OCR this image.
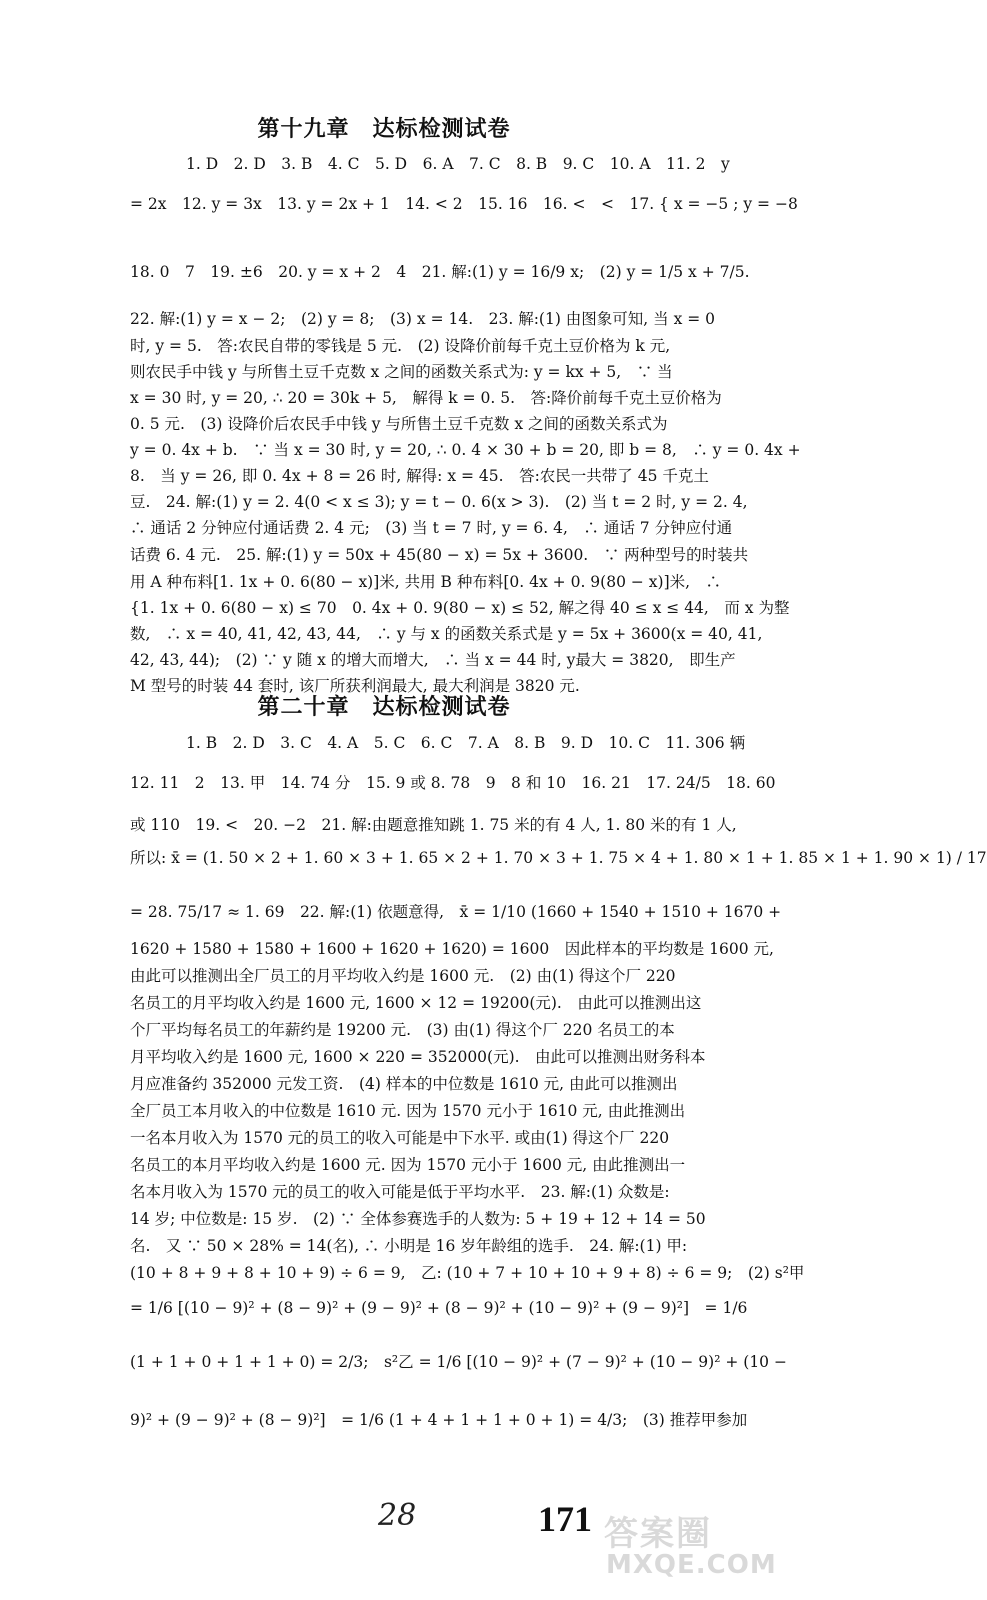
第十九章　达标检测试卷
1. D　2. D　3. B　4. C　5. D　6. A　7. C　8. B　9. C　10. A　11. 2　y
= 2x　12. y = 3x　13. y = 2x + 1　14. < 2　15. 16　16. <　<　17. { x = −5 ; y = −8
18. 0　7　19. ±6　20. y = x + 2　4　21. 解:(1) y = 16/9 x;　(2) y = 1/5 x + 7/5.
22. 解:(1) y = x − 2;　(2) y = 8;　(3) x = 14.　23. 解:(1) 由图象可知, 当 x = 0
时, y = 5.　答:农民自带的零钱是 5 元.　(2) 设降价前每千克土豆价格为 k 元,
则农民手中钱 y 与所售土豆千克数 x 之间的函数关系式为: y = kx + 5,　∵ 当
x = 30 时, y = 20, ∴ 20 = 30k + 5,　解得 k = 0. 5.　答:降价前每千克土豆价格为
0. 5 元.　(3) 设降价后农民手中钱 y 与所售土豆千克数 x 之间的函数关系式为
y = 0. 4x + b.　∵ 当 x = 30 时, y = 20, ∴ 0. 4 × 30 + b = 20, 即 b = 8,　∴ y = 0. 4x +
8.　当 y = 26, 即 0. 4x + 8 = 26 时, 解得: x = 45.　答:农民一共带了 45 千克土
豆.　24. 解:(1) y = 2. 4(0 < x ≤ 3); y = t − 0. 6(x > 3).　(2) 当 t = 2 时, y = 2. 4,
∴ 通话 2 分钟应付通话费 2. 4 元;　(3) 当 t = 7 时, y = 6. 4,　∴ 通话 7 分钟应付通
话费 6. 4 元.　25. 解:(1) y = 50x + 45(80 − x) = 5x + 3600.　∵ 两种型号的时装共
用 A 种布料[1. 1x + 0. 6(80 − x)]米, 共用 B 种布料[0. 4x + 0. 9(80 − x)]米,　∴
{1. 1x + 0. 6(80 − x) ≤ 70　0. 4x + 0. 9(80 − x) ≤ 52, 解之得 40 ≤ x ≤ 44,　而 x 为整
数,　∴ x = 40, 41, 42, 43, 44,　∴ y 与 x 的函数关系式是 y = 5x + 3600(x = 40, 41,
42, 43, 44);　(2) ∵ y 随 x 的增大而增大,　∴ 当 x = 44 时, y最大 = 3820,　即生产
M 型号的时装 44 套时, 该厂所获利润最大, 最大利润是 3820 元.
第二十章　达标检测试卷
1. B　2. D　3. C　4. A　5. C　6. C　7. A　8. B　9. D　10. C　11. 306 辆
12. 11　2　13. 甲　14. 74 分　15. 9 或 8. 78　9　8 和 10　16. 21　17. 24/5　18. 60
或 110　19. <　20. −2　21. 解:由题意推知跳 1. 75 米的有 4 人, 1. 80 米的有 1 人,
所以: x̄ = (1. 50 × 2 + 1. 60 × 3 + 1. 65 × 2 + 1. 70 × 3 + 1. 75 × 4 + 1. 80 × 1 + 1. 85 × 1 + 1. 90 × 1) / 17
= 28. 75/17 ≈ 1. 69　22. 解:(1) 依题意得,　x̄ = 1/10 (1660 + 1540 + 1510 + 1670 +
1620 + 1580 + 1580 + 1600 + 1620 + 1620) = 1600　因此样本的平均数是 1600 元,
由此可以推测出全厂员工的月平均收入约是 1600 元.　(2) 由(1) 得这个厂 220
名员工的月平均收入约是 1600 元, 1600 × 12 = 19200(元).　由此可以推测出这
个厂平均每名员工的年薪约是 19200 元.　(3) 由(1) 得这个厂 220 名员工的本
月平均收入约是 1600 元, 1600 × 220 = 352000(元).　由此可以推测出财务科本
月应准备约 352000 元发工资.　(4) 样本的中位数是 1610 元, 由此可以推测出
全厂员工本月收入的中位数是 1610 元. 因为 1570 元小于 1610 元, 由此推测出
一名本月收入为 1570 元的员工的收入可能是中下水平. 或由(1) 得这个厂 220
名员工的本月平均收入约是 1600 元. 因为 1570 元小于 1600 元, 由此推测出一
名本月收入为 1570 元的员工的收入可能是低于平均水平.　23. 解:(1) 众数是:
14 岁; 中位数是: 15 岁.　(2) ∵ 全体参赛选手的人数为: 5 + 19 + 12 + 14 = 50
名.　又 ∵ 50 × 28% = 14(名), ∴ 小明是 16 岁年龄组的选手.　24. 解:(1) 甲:
(10 + 8 + 9 + 8 + 10 + 9) ÷ 6 = 9,　乙: (10 + 7 + 10 + 10 + 9 + 8) ÷ 6 = 9;　(2) s²甲
= 1/6 [(10 − 9)² + (8 − 9)² + (9 − 9)² + (8 − 9)² + (10 − 9)² + (9 − 9)²]　= 1/6
(1 + 1 + 0 + 1 + 1 + 0) = 2/3;　s²乙 = 1/6 [(10 − 9)² + (7 − 9)² + (10 − 9)² + (10 −
9)² + (9 − 9)² + (8 − 9)²]　= 1/6 (1 + 4 + 1 + 1 + 0 + 1) = 4/3;　(3) 推荐甲参加
28	171 答案圈
MXQE.COM
